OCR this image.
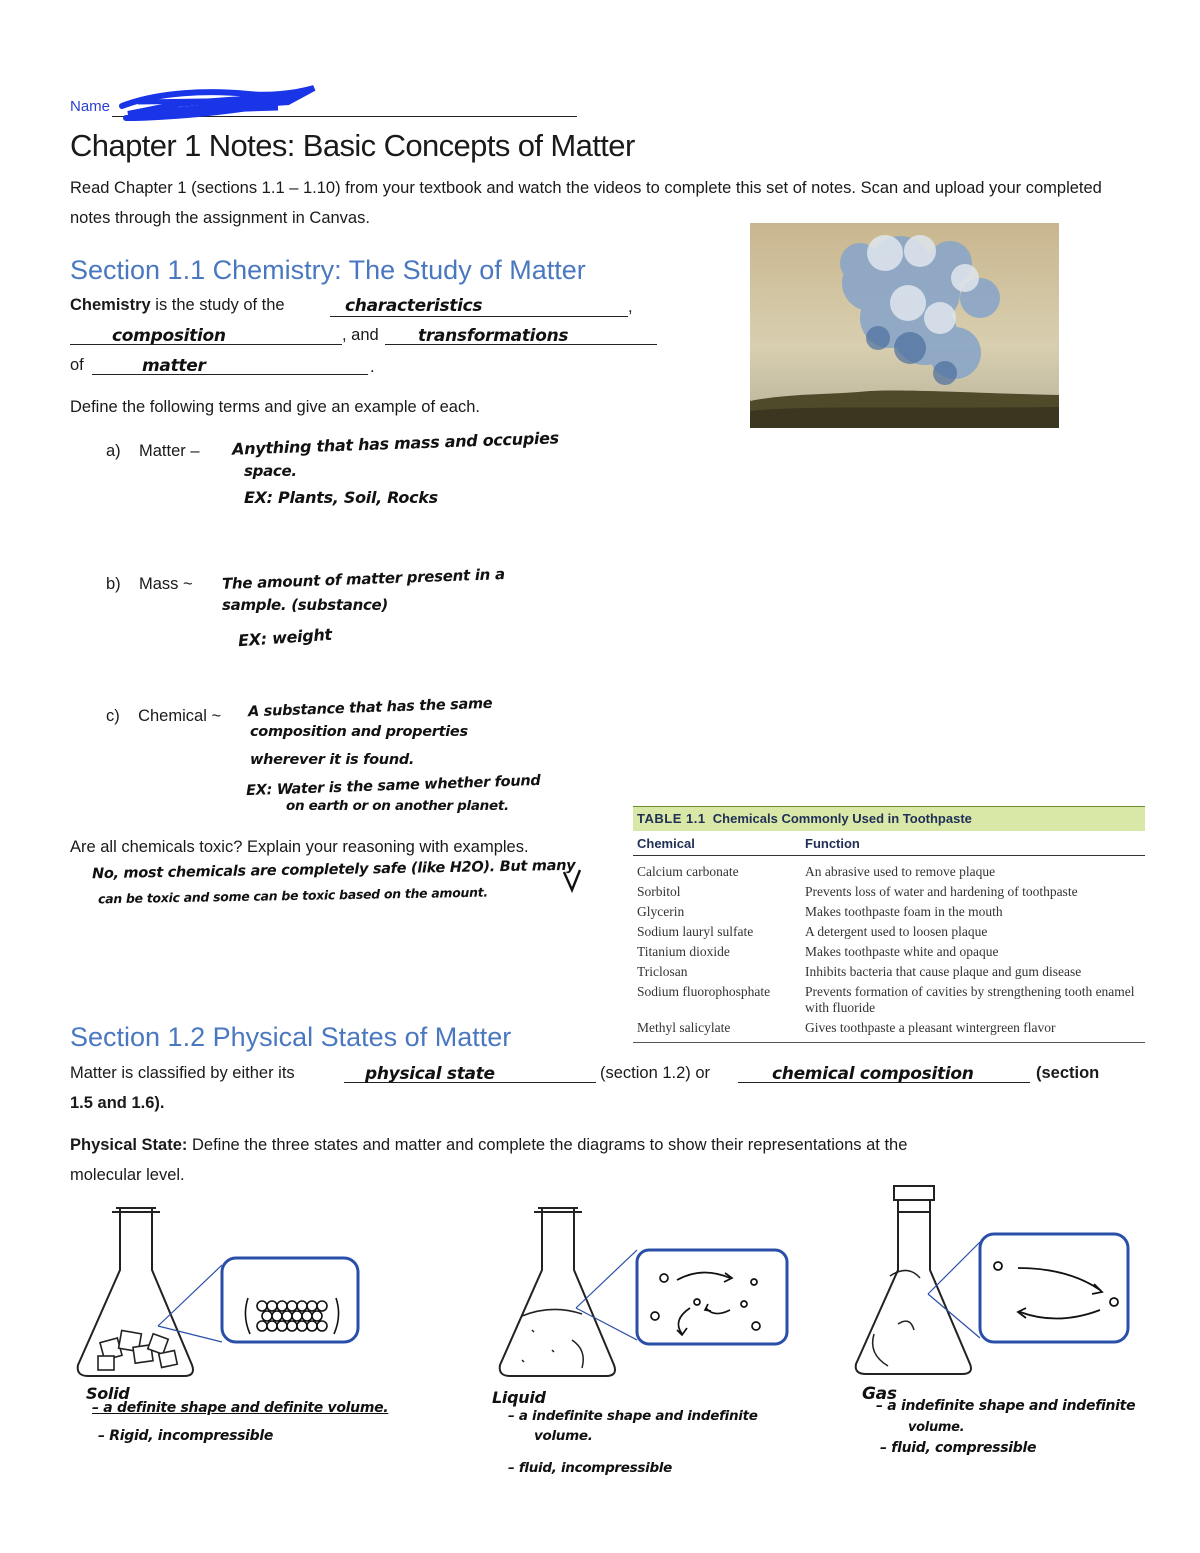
Name
Chapter 1 Notes: Basic Concepts of Matter
Read Chapter 1 (sections 1.1 – 1.10) from your textbook and watch the videos to complete this set of notes. Scan and upload your completed notes through the assignment in Canvas.
Section 1.1 Chemistry: The Study of Matter
Chemistry is the study of the	characteristics	,
composition	, and transformations
of	matter	.
Define the following terms and give an example of each.
a) Matter – Anything that has mass and occupies
space.
EX: Plants, Soil, Rocks
b) Mass ~ The amount of matter present in a
sample. (substance)
EX: weight
c) Chemical ~ A substance that has the same
composition and properties
wherever it is found.
EX: Water is the same whether found
on earth or on another planet.
Are all chemicals toxic? Explain your reasoning with examples.
No, most chemicals are completely safe (like H2O). But many
can be toxic and some can be toxic based on the amount.
TABLE 1.1 Chemicals Commonly Used in Toothpaste
Chemical	Function
Calcium carbonate	An abrasive used to remove plaque
Sorbitol	Prevents loss of water and hardening of toothpaste
Glycerin	Makes toothpaste foam in the mouth
Sodium lauryl sulfate	A detergent used to loosen plaque
Titanium dioxide	Makes toothpaste white and opaque
Triclosan	Inhibits bacteria that cause plaque and gum disease
Sodium fluorophosphate	Prevents formation of cavities by strengthening tooth enamel with fluoride
Methyl salicylate	Gives toothpaste a pleasant wintergreen flavor
Section 1.2 Physical States of Matter
Matter is classified by either its	physical state	(section 1.2) or	chemical composition	(section
1.5 and 1.6).
Physical State: Define the three states and matter and complete the diagrams to show their representations at the
molecular level.
Solid
– a definite shape and definite volume.
– Rigid, incompressible
Liquid
– a indefinite shape and indefinite
volume.
– fluid, incompressible
Gas
– a indefinite shape and indefinite
volume.
– fluid, compressible
